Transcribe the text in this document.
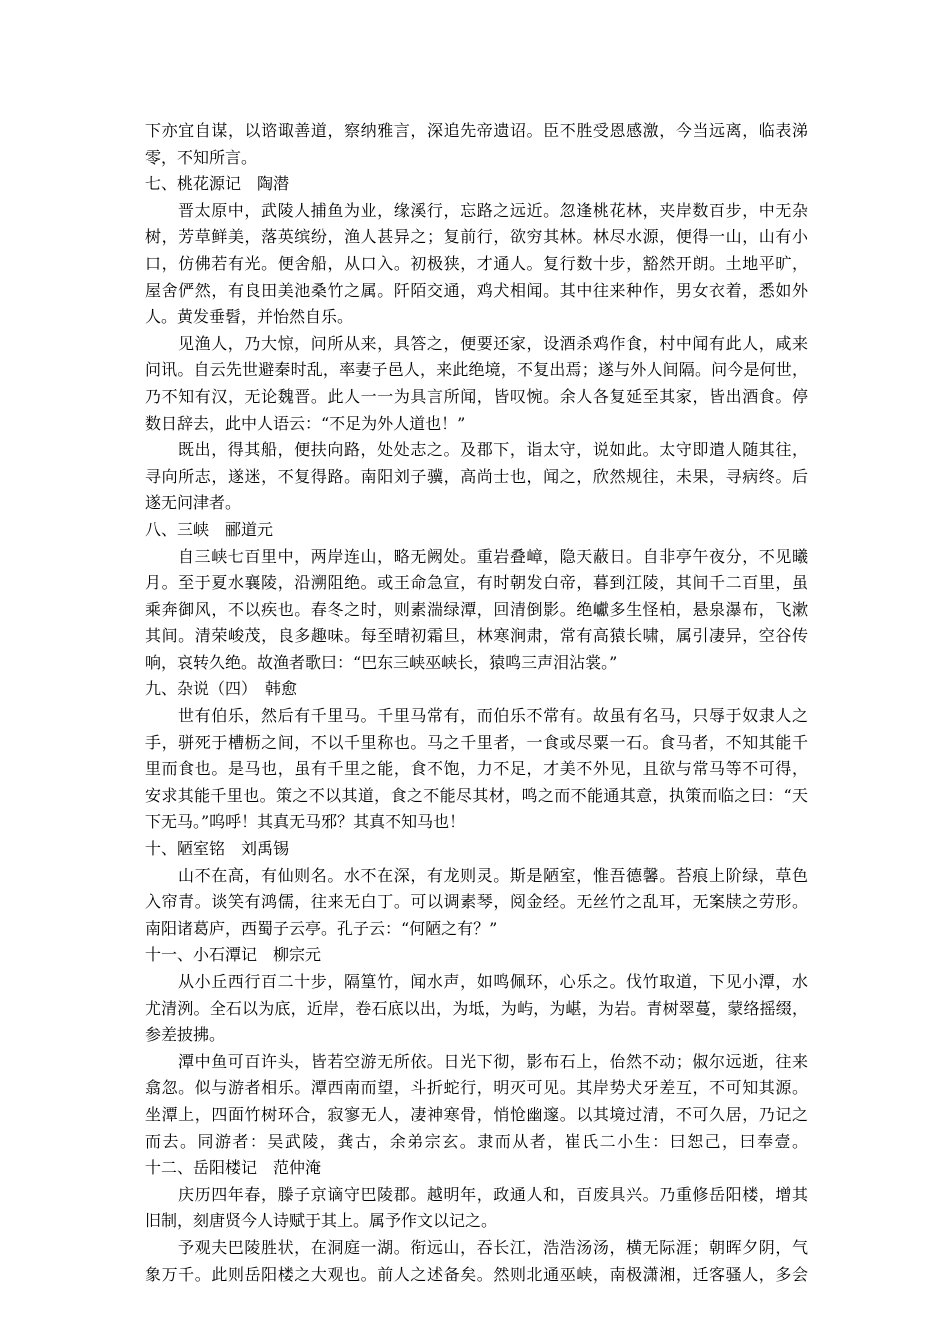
下亦宜自谋，以谘诹善道，察纳雅言，深追先帝遗诏。臣不胜受恩感激，今当远离，临表涕
零，不知所言。
七、桃花源记　陶潜
晋太原中，武陵人捕鱼为业，缘溪行，忘路之远近。忽逢桃花林，夹岸数百步，中无杂
树，芳草鲜美，落英缤纷，渔人甚异之；复前行，欲穷其林。林尽水源，便得一山，山有小
口，仿佛若有光。便舍船，从口入。初极狭，才通人。复行数十步，豁然开朗。土地平旷，
屋舍俨然，有良田美池桑竹之属。阡陌交通，鸡犬相闻。其中往来种作，男女衣着，悉如外
人。黄发垂髫，并怡然自乐。
见渔人，乃大惊，问所从来，具答之，便要还家，设酒杀鸡作食，村中闻有此人，咸来
问讯。自云先世避秦时乱，率妻子邑人，来此绝境，不复出焉；遂与外人间隔。问今是何世，
乃不知有汉，无论魏晋。此人一一为具言所闻，皆叹惋。余人各复延至其家，皆出酒食。停
数日辞去，此中人语云：“不足为外人道也！”
既出，得其船，便扶向路，处处志之。及郡下，诣太守，说如此。太守即遣人随其往，
寻向所志，遂迷，不复得路。南阳刘子骥，高尚士也，闻之，欣然规往，未果，寻病终。后
遂无问津者。
八、三峡　郦道元
自三峡七百里中，两岸连山，略无阙处。重岩叠嶂，隐天蔽日。自非亭午夜分，不见曦
月。至于夏水襄陵，沿溯阻绝。或王命急宣，有时朝发白帝，暮到江陵，其间千二百里，虽
乘奔御风，不以疾也。春冬之时，则素湍绿潭，回清倒影。绝巘多生怪柏，悬泉瀑布，飞漱
其间。清荣峻茂，良多趣味。每至晴初霜旦，林寒涧肃，常有高猿长啸，属引凄异，空谷传
响，哀转久绝。故渔者歌曰：“巴东三峡巫峡长，猿鸣三声泪沾裳。”
九、杂说（四）　韩愈
世有伯乐，然后有千里马。千里马常有，而伯乐不常有。故虽有名马，只辱于奴隶人之
手，骈死于槽枥之间，不以千里称也。马之千里者，一食或尽粟一石。食马者，不知其能千
里而食也。是马也，虽有千里之能，食不饱，力不足，才美不外见，且欲与常马等不可得，
安求其能千里也。策之不以其道，食之不能尽其材，鸣之而不能通其意，执策而临之曰：“天
下无马。”呜呼！其真无马邪？其真不知马也！
十、陋室铭　刘禹锡
山不在高，有仙则名。水不在深，有龙则灵。斯是陋室，惟吾德馨。苔痕上阶绿，草色
入帘青。谈笑有鸿儒，往来无白丁。可以调素琴，阅金经。无丝竹之乱耳，无案牍之劳形。
南阳诸葛庐，西蜀子云亭。孔子云：“何陋之有？”
十一、小石潭记　柳宗元
从小丘西行百二十步，隔篁竹，闻水声，如鸣佩环，心乐之。伐竹取道，下见小潭，水
尤清洌。全石以为底，近岸，卷石底以出，为坻，为屿，为嵁，为岩。青树翠蔓，蒙络摇缀，
参差披拂。
潭中鱼可百许头，皆若空游无所依。日光下彻，影布石上，佁然不动；俶尔远逝，往来
翕忽。似与游者相乐。潭西南而望，斗折蛇行，明灭可见。其岸势犬牙差互，不可知其源。
坐潭上，四面竹树环合，寂寥无人，凄神寒骨，悄怆幽邃。以其境过清，不可久居，乃记之
而去。同游者：吴武陵，龚古，余弟宗玄。隶而从者，崔氏二小生：曰恕己，曰奉壹。
十二、岳阳楼记　范仲淹
庆历四年春，滕子京谪守巴陵郡。越明年，政通人和，百废具兴。乃重修岳阳楼，增其
旧制，刻唐贤今人诗赋于其上。属予作文以记之。
予观夫巴陵胜状，在洞庭一湖。衔远山，吞长江，浩浩汤汤，横无际涯；朝晖夕阴，气
象万千。此则岳阳楼之大观也。前人之述备矣。然则北通巫峡，南极潇湘，迁客骚人，多会
